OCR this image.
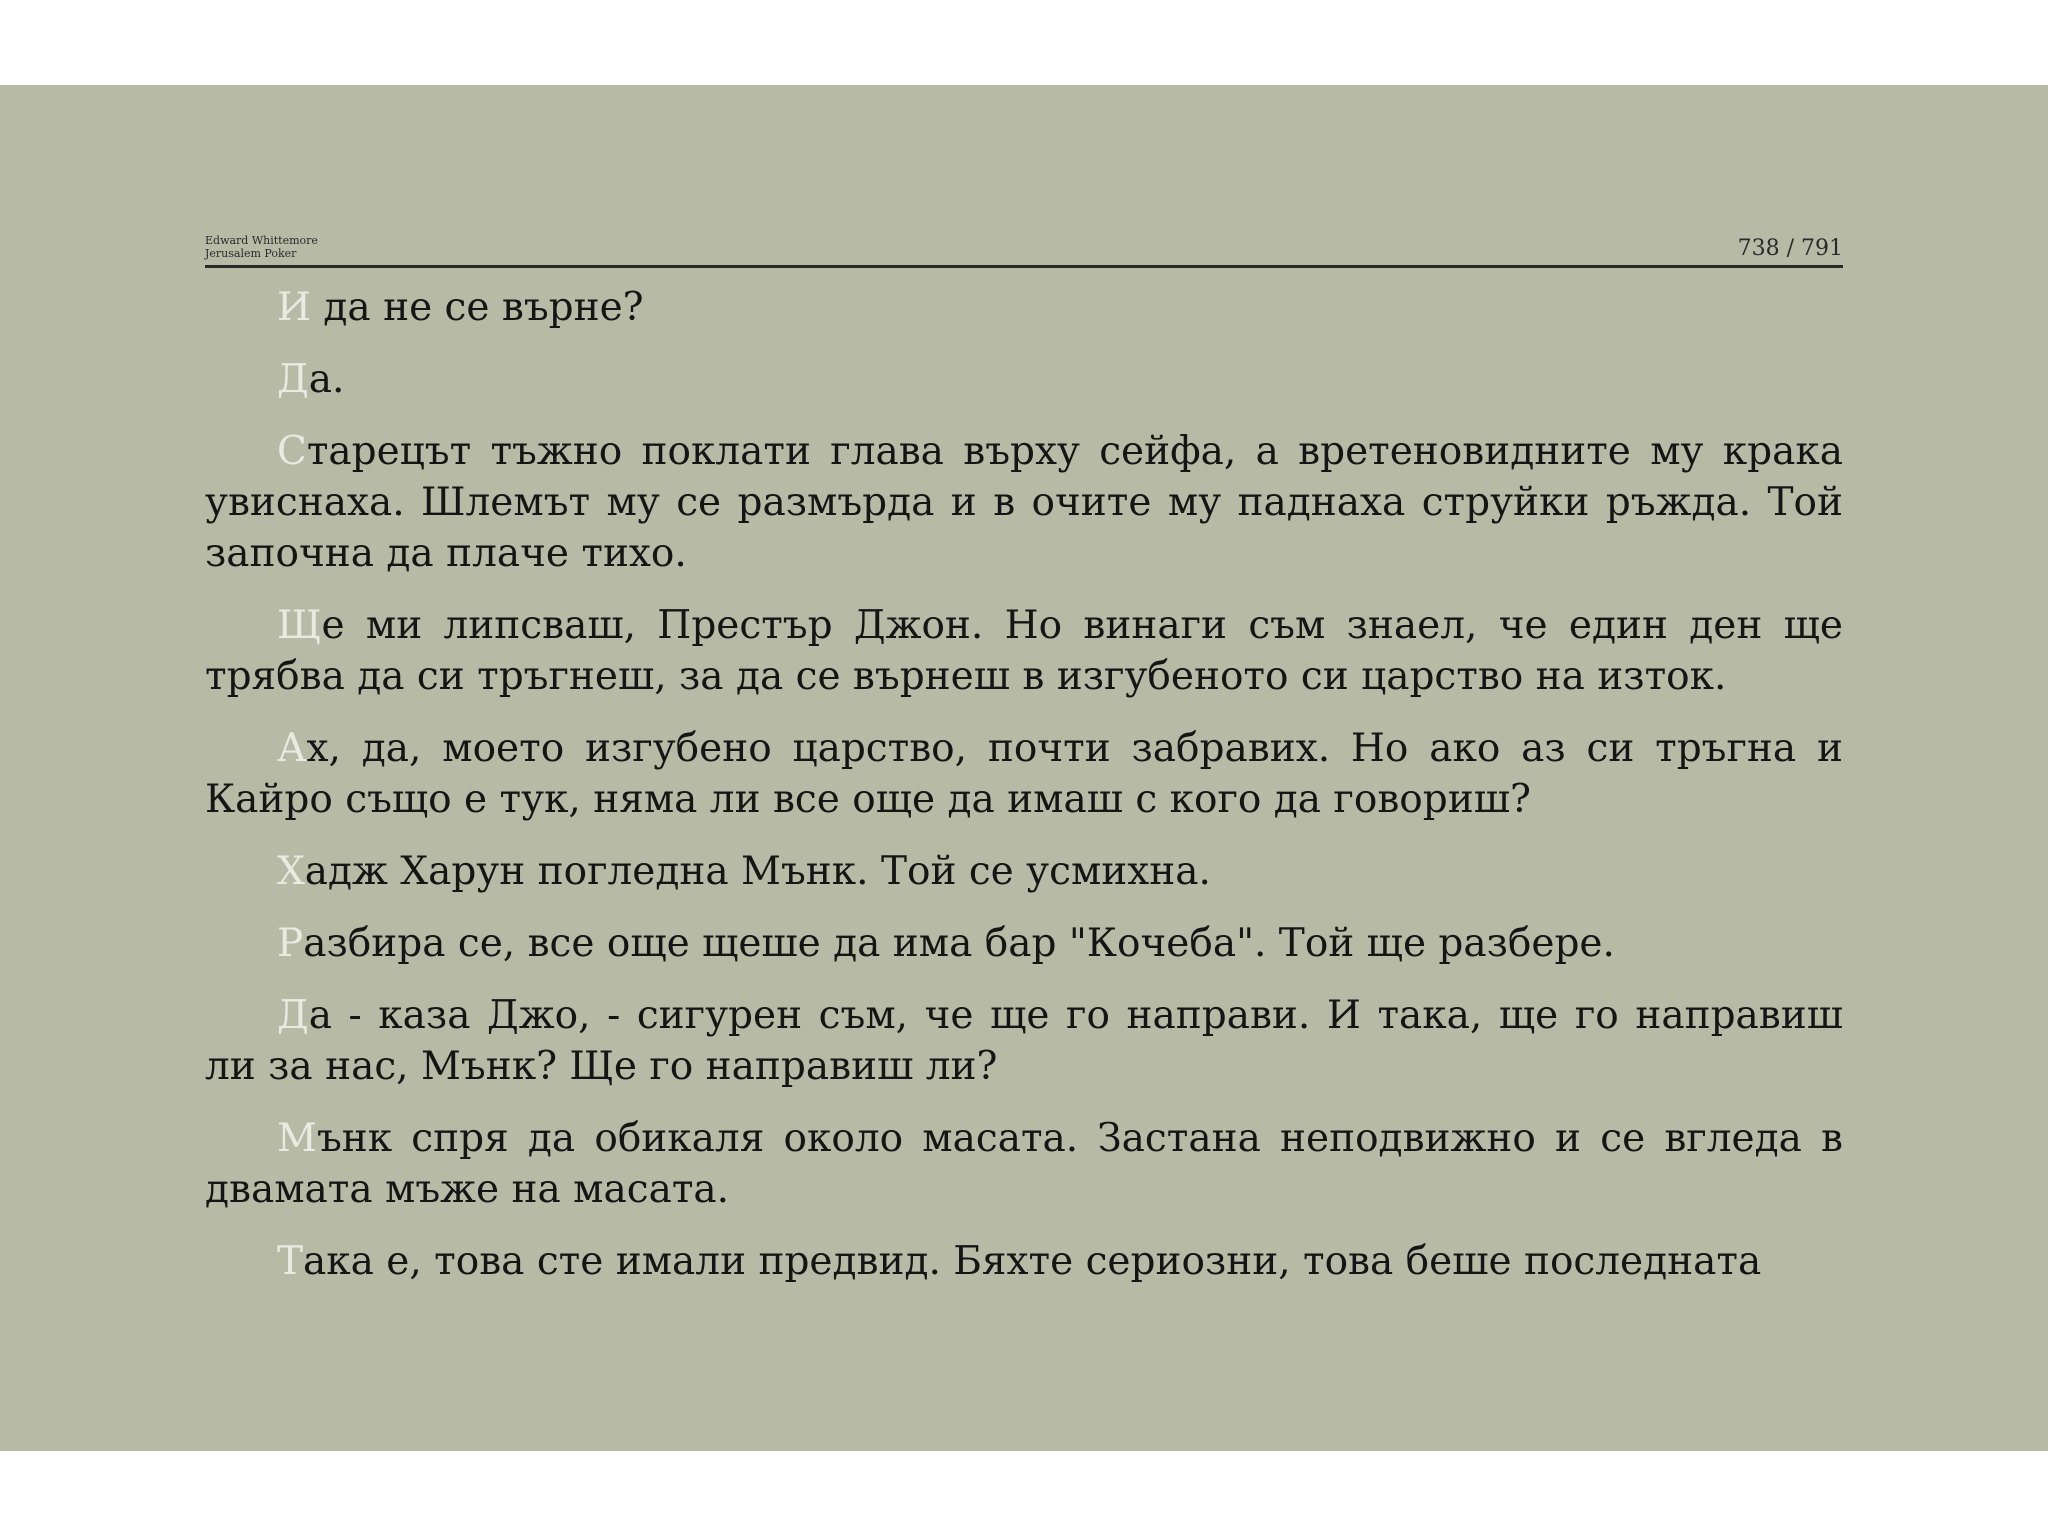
Edward Whittemore
Jerusalem Poker	738 / 791

И да не се върне?

Да.

Старецът тъжно поклати глава върху сейфа, а вретеновидните му крака увиснаха. Шлемът му се размърда и в очите му паднаха струйки ръжда. Той започна да плаче тихо.

Ще ми липсваш, Престър Джон. Но винаги съм знаел, че един ден ще трябва да си тръгнеш, за да се върнеш в изгубеното си царство на изток.

Ах, да, моето изгубено царство, почти забравих. Но ако аз си тръгна и Кайро също е тук, няма ли все още да имаш с кого да говориш?

Хадж Харун погледна Мънк. Той се усмихна.

Разбира се, все още щеше да има бар "Кочеба". Той ще разбере.

Да - каза Джо, - сигурен съм, че ще го направи. И така, ще го направиш ли за нас, Мънк? Ще го направиш ли?

Мънк спря да обикаля около масата. Застана неподвижно и се вгледа в двамата мъже на масата.

Така е, това сте имали предвид. Бяхте сериозни, това беше последната
